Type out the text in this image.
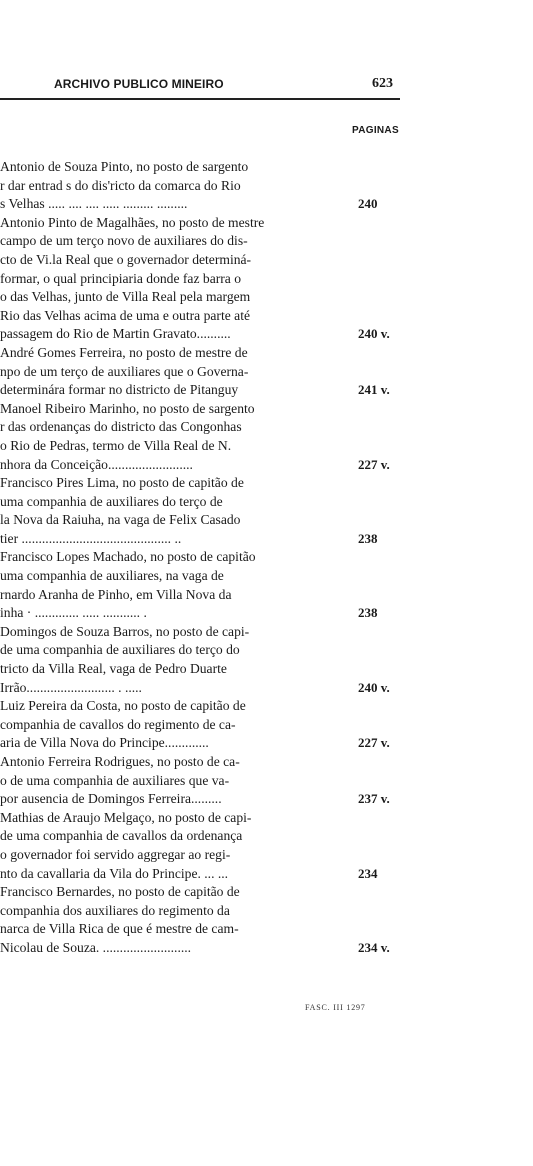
ARCHIVO PUBLICO MINEIRO	623
PAGINAS
Antonio de Souza Pinto, no posto de sargento
r dar entrad s do dis'ricto da comarca do Rio
s Velhas ..... .... .... ..... ......... .........	240
Antonio Pinto de Magalhães, no posto de mestre
campo de um terço novo de auxiliares do dis-
cto de Vi.la Real que o governador determiná-
formar, o qual principiaria donde faz barra o
o das Velhas, junto de Villa Real pela margem
Rio das Velhas acima de uma e outra parte até
passagem do Rio de Martin Gravato..........	240 v.
André Gomes Ferreira, no posto de mestre de
npo de um terço de auxiliares que o Governa-
determinára formar no districto de Pitanguy	241 v.
Manoel Ribeiro Marinho, no posto de sargento
r das ordenanças do districto das Congonhas
o Rio de Pedras, termo de Villa Real de N.
nhora da Conceição.........................	227 v.
Francisco Pires Lima, no posto de capitão de
uma companhia de auxiliares do terço de
la Nova da Raiuha, na vaga de Felix Casado
tier ............................................ ..	238
Francisco Lopes Machado, no posto de capitão
uma companhia de auxiliares, na vaga de
rnardo Aranha de Pinho, em Villa Nova da
inha · ............. ..... ........... .	238
Domingos de Souza Barros, no posto de capi-
de uma companhia de auxiliares do terço do
tricto da Villa Real, vaga de Pedro Duarte
Irrão.......................... . .....	240 v.
Luiz Pereira da Costa, no posto de capitão de
companhia de cavallos do regimento de ca-
aria de Villa Nova do Principe.............	227 v.
Antonio Ferreira Rodrigues, no posto de ca-
o de uma companhia de auxiliares que va-
por ausencia de Domingos Ferreira.........	237 v.
Mathias de Araujo Melgaço, no posto de capi-
de uma companhia de cavallos da ordenança
o governador foi servido aggregar ao regi-
nto da cavallaria da Vila do Principe. ... ...	234
Francisco Bernardes, no posto de capitão de
companhia dos auxiliares do regimento da
narca de Villa Rica de que é mestre de cam-
Nicolau de Souza. ..........................	234 v.
FASC. III 1297
